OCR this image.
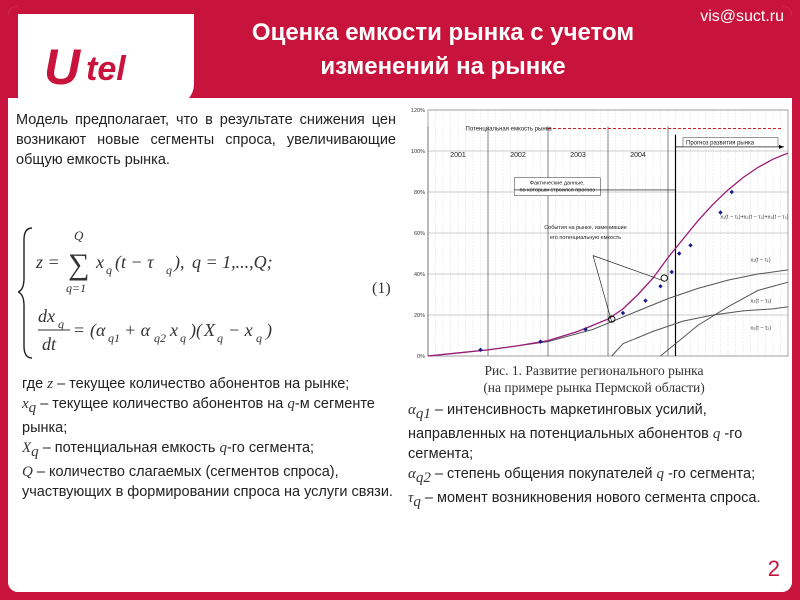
Оценка емкости рынка с учетом изменений на рынке
vis@suct.ru
U tel
Модель предполагает, что в результате снижения цен возникают новые сегменты спроса, увеличивающие общую емкость рынка.
z =
Q
∑
q=1
x q (t − τ q ), q = 1,...,Q;
dx q
dt
= (α q1 + α q2 x q )( X q − x q )
(1)
где z – текущее количество абонентов на рынке;
$x_q$ – текущее количество абонентов на q-м сегменте рынка;
$X_q$ – потенциальная емкость q-го сегмента;
Q – количество слагаемых (сегментов спроса), участвующих в формировании спроса на услуги связи.
2001	2002	2003	2004
0%
20%
40%
60%
80%
100%
120%
Потенциальная емкость рынка
Прогноз развития рынка
Фактические данные,
по которым строился прогноз
События на рынке, изменившие
его потенциальную емкость
x₁(t − τ₁)+x₂(t − τ₂)+x₃(t − τ₃)
x₁(t − τ₁)
x₃(t − τ₃)
x₂(t − τ₂)
Рис. 1. Развитие регионального рынка
(на примере рынка Пермской области)
$\alpha_{q1}$ – интенсивность маркетинговых усилий, направленных на потенциальных абонентов q -го сегмента;
$\alpha_{q2}$ – степень общения покупателей q -го сегмента;
$\tau_q$ – момент возникновения нового сегмента спроса.
2
